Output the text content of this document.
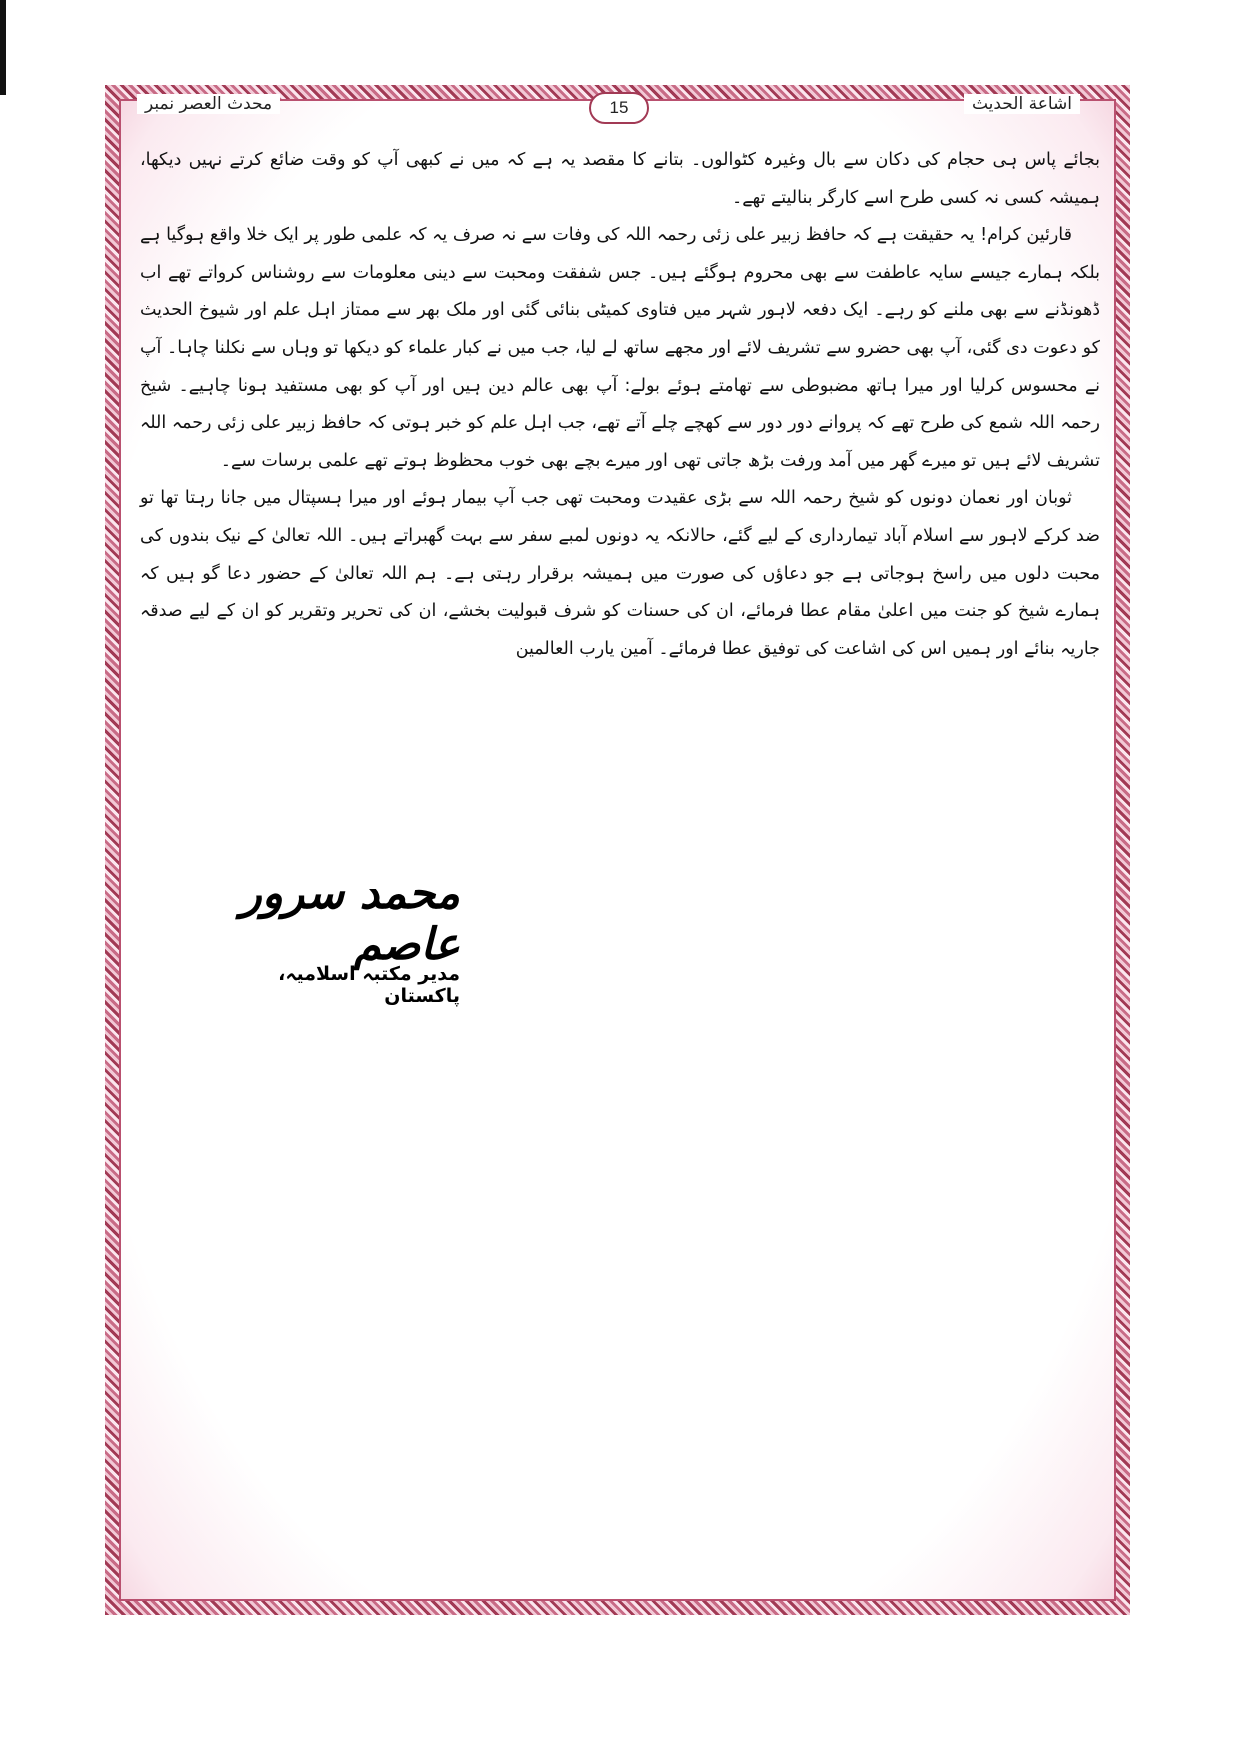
اشاعة الحدیث
15
محدث العصر نمبر

بجائے پاس ہی حجام کی دکان سے بال وغیرہ کٹوالوں۔ بتانے کا مقصد یہ ہے کہ میں نے کبھی آپ کو وقت ضائع کرتے نہیں دیکھا، ہمیشہ کسی نہ کسی طرح اسے کارگر بنالیتے تھے۔

قارئین کرام! یہ حقیقت ہے کہ حافظ زبیر علی زئی رحمہ اللہ کی وفات سے نہ صرف یہ کہ علمی طور پر ایک خلا واقع ہوگیا ہے بلکہ ہمارے جیسے سایہ عاطفت سے بھی محروم ہوگئے ہیں۔ جس شفقت ومحبت سے دینی معلومات سے روشناس کرواتے تھے اب ڈھونڈنے سے بھی ملنے کو رہے۔ ایک دفعہ لاہور شہر میں فتاوی کمیٹی بنائی گئی اور ملک بھر سے ممتاز اہل علم اور شیوخ الحدیث کو دعوت دی گئی، آپ بھی حضرو سے تشریف لائے اور مجھے ساتھ لے لیا، جب میں نے کبار علماء کو دیکھا تو وہاں سے نکلنا چاہا۔ آپ نے محسوس کرلیا اور میرا ہاتھ مضبوطی سے تھامتے ہوئے بولے: آپ بھی عالم دین ہیں اور آپ کو بھی مستفید ہونا چاہیے۔ شیخ رحمہ اللہ شمع کی طرح تھے کہ پروانے دور دور سے کھچے چلے آتے تھے، جب اہل علم کو خبر ہوتی کہ حافظ زبیر علی زئی رحمہ اللہ تشریف لائے ہیں تو میرے گھر میں آمد ورفت بڑھ جاتی تھی اور میرے بچے بھی خوب محظوظ ہوتے تھے علمی برسات سے۔

ثوبان اور نعمان دونوں کو شیخ رحمہ اللہ سے بڑی عقیدت ومحبت تھی جب آپ بیمار ہوئے اور میرا ہسپتال میں جانا رہتا تھا تو ضد کرکے لاہور سے اسلام آباد تیمارداری کے لیے گئے، حالانکہ یہ دونوں لمبے سفر سے بہت گھبراتے ہیں۔ اللہ تعالیٰ کے نیک بندوں کی محبت دلوں میں راسخ ہوجاتی ہے جو دعاؤں کی صورت میں ہمیشہ برقرار رہتی ہے۔ ہم اللہ تعالیٰ کے حضور دعا گو ہیں کہ ہمارے شیخ کو جنت میں اعلیٰ مقام عطا فرمائے، ان کی حسنات کو شرف قبولیت بخشے، ان کی تحریر وتقریر کو ان کے لیے صدقہ جاریہ بنائے اور ہمیں اس کی اشاعت کی توفیق عطا فرمائے۔ آمین یارب العالمین

محمد سرور عاصم
مدیر مکتبہ اسلامیہ، پاکستان
